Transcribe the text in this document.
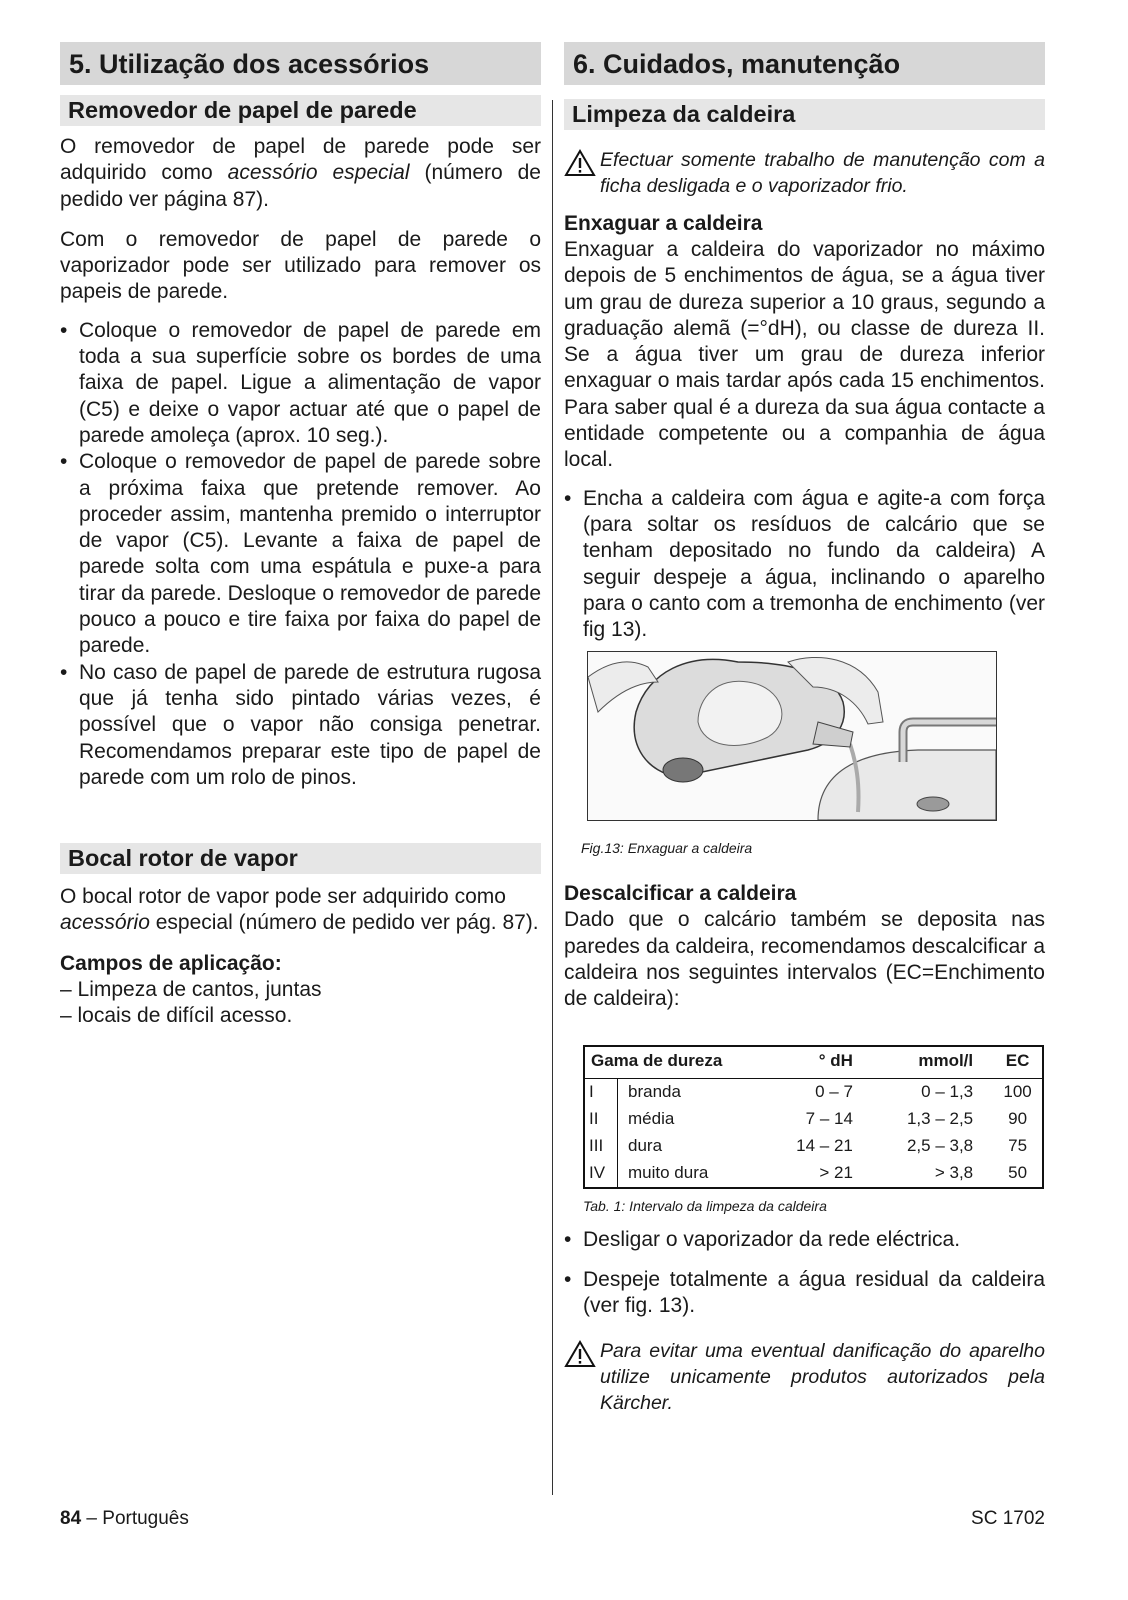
5. Utilização dos acessórios
Removedor de papel de parede

O removedor de papel de parede pode ser adquirido como acessório especial (número de pedido ver página 87).

Com o removedor de papel de parede o vaporizador pode ser utilizado para remover os papeis de parede.

• Coloque o removedor de papel de parede em toda a sua superfície sobre os bordes de uma faixa de papel. Ligue a alimentação de vapor (C5) e deixe o vapor actuar até que o papel de parede amoleça (aprox. 10 seg.).
• Coloque o removedor de papel de parede sobre a próxima faixa que pretende remover. Ao proceder assim, mantenha premido o interruptor de vapor (C5). Levante a faixa de papel de parede solta com uma espátula e puxe-a para tirar da parede. Desloque o removedor de parede pouco a pouco e tire faixa por faixa do papel de parede.
• No caso de papel de parede de estrutura rugosa que já tenha sido pintado várias vezes, é possível que o vapor não consiga penetrar. Recomendamos preparar este tipo de papel de parede com um rolo de pinos.
Bocal rotor de vapor

O bocal rotor de vapor pode ser adquirido como acessório especial (número de pedido ver pág. 87).

Campos de aplicação:
– Limpeza de cantos, juntas
– locais de difícil acesso.
6. Cuidados, manutenção
Limpeza da caldeira
Efectuar somente trabalho de manutenção com a ficha desligada e o vaporizador frio.
Enxaguar a caldeira

Enxaguar a caldeira do vaporizador no máximo depois de 5 enchimentos de água, se a água tiver um grau de dureza superior a 10 graus, segundo a graduação alemã (=°dH), ou classe de dureza II. Se a água tiver um grau de dureza inferior enxaguar o mais tardar após cada 15 enchimentos. Para saber qual é a dureza da sua água contacte a entidade competente ou a companhia de água local.

• Encha a caldeira com água e agite-a com força (para soltar os resíduos de calcário que se tenham depositado no fundo da caldeira) A seguir despeje a água, inclinando o aparelho para o canto com a tremonha de enchimento (ver fig 13).
Fig.13: Enxaguar a caldeira
Descalcificar a caldeira

Dado que o calcário também se deposita nas paredes da caldeira, recomendamos descalcificar a caldeira nos seguintes intervalos (EC=Enchimento de caldeira):

Gama de dureza		° dH	mmol/l	EC
I	branda	0 – 7	0 – 1,3	100
II	média	7 – 14	1,3 – 2,5	90
III	dura	14 – 21	2,5 – 3,8	75
IV	muito dura	> 21	> 3,8	50
Tab. 1: Intervalo da limpeza da caldeira
• Desligar o vaporizador da rede eléctrica.
• Despeje totalmente a água residual da caldeira (ver fig. 13).
Para evitar uma eventual danificação do aparelho utilize unicamente produtos autorizados pela Kärcher.
84 – Português	SC 1702
